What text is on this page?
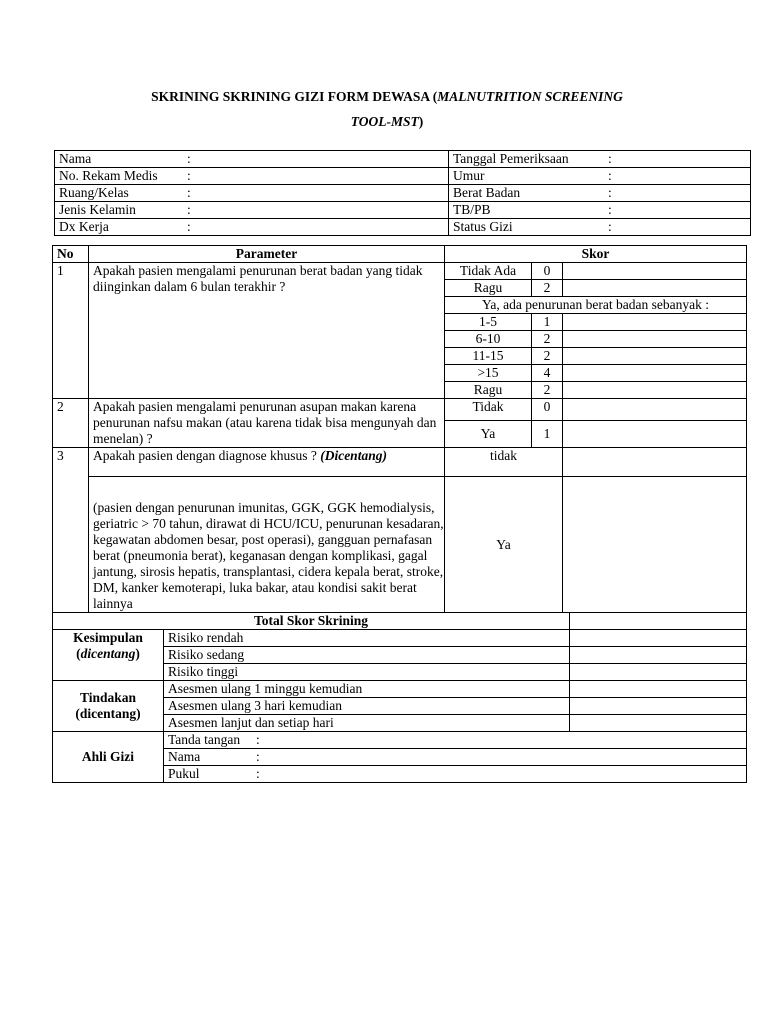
SKRINING SKRINING GIZI FORM DEWASA (MALNUTRITION SCREENING
TOOL-MST)
Nama :	Tanggal Pemeriksaan :
No. Rekam Medis :	Umur :
Ruang/Kelas :	Berat Badan :
Jenis Kelamin :	TB/PB :
Dx Kerja :	Status Gizi :
No	Parameter		Skor			
1	Apakah pasien mengalami penurunan berat badan yang tidak diinginkan dalam 6 bulan terakhir ?		Tidak Ada	0		
			Ragu	2		
			Ya, ada penurunan berat badan sebanyak :			
			1-5	1		
			6-10	2		
			11-15	2		
			>15	4		
			Ragu	2		
2	Apakah pasien mengalami penurunan asupan makan karena penurunan nafsu makan (atau karena tidak bisa mengunyah dan menelan) ?		Tidak	0		
			Ya	1		
3	Apakah pasien dengan diagnose khusus ? (Dicentang)		tidak			
	(pasien dengan penurunan imunitas, GGK, GGK hemodialysis, geriatric > 70 tahun, dirawat di HCU/ICU, penurunan kesadaran, kegawatan abdomen besar, post operasi), gangguan pernafasan berat (pneumonia berat), keganasan dengan komplikasi, gagal jantung, sirosis hepatis, transplantasi, cidera kepala berat, stroke, DM, kanker kemoterapi, luka bakar, atau kondisi sakit berat lainnya		Ya			
Total Skor Skrining						

Kesimpulan
(dicentang)		Risiko rendah				
		Risiko sedang				
		Risiko tinggi				

Tindakan
(dicentang)		Asesmen ulang 1 minggu kemudian				
		Asesmen ulang 3 hari kemudian				
		Asesmen lanjut dan setiap hari				
Ahli Gizi		Tanda tangan :				
		Nama :				
		Pukul :				
